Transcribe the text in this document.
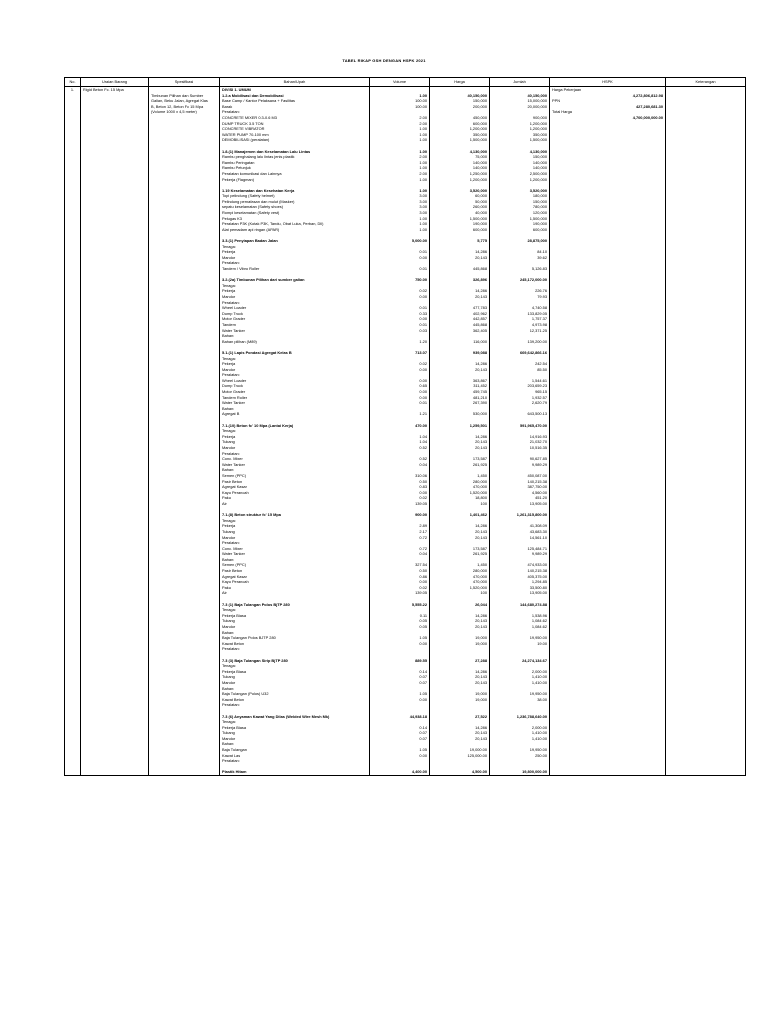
TABEL RIKAP GSH DENGAN HSPK 2021
No.	Uraian Barang	Spesifikasi	Bahan/Upah	Volume	Harga	Jumlah	HSPK	Keterangan
1.	Rigid Beton Fc. 15 Mpa		DIVISI 1. UMUM				Harga Pekerjaan	
		Timbunan Pilihan dan Sumber	1.2.a Mobilisasi dan Demobilisasi	1.00	40,150,000	40,150,000	4,272,806,812.98	
		Galian, Beku Jalan, Agregat Klas	Base Camp / Kantor Pelaksana + Fasilitas	100.00	150,000	15,000,000	PPN	
		B, Beton 12, Beton Fc 15 Mpa	Barak	100.00	200,000	20,000,000	427,280,681.30	
		(Volume 1000 x 4,5 meter)	Peralatan:				Total Harga	
			CONCRETE MIXER 0.3-0.6 M3	2.00	450,000	900,000	4,700,000,000.00	
			DUMP TRUCK 3.5 TON	2.00	600,000	1,200,000		
			CONCRETE VIBRATOR	1.00	1,200,000	1,200,000		
			WATER PUMP 70-100 mm	1.00	350,000	350,000		
			DEMOBILISASI (peralatan)	1.00	1,500,000	1,500,000		

			1.8.(1) Manajemen dan Keselamatan Lalu Lintas	1.00	4,130,000	4,130,000		
			Rambu penghalang lalu lintas jenis plastik	2.00	75,000	150,000		
			Rambu Peringatan	1.00	140,000	140,000		
			Rambu Petunjuk	1.00	140,000	140,000		
			Peralatan komunikasi dan Lainnya	2.00	1,250,000	2,500,000		
			Pekerja (Flagman)	1.00	1,200,000	1,200,000		

			1.19 Keselamatan dan Kesehatan Kerja	1.00	3,520,000	3,520,000		
			Topi pelindung (Safety helmet)	3.00	60,000	180,000		
			Pelindung pernafasan dan mulut (Masker)	3.00	50,000	150,000		
			sepatu keselamatan (Safety shoes)	3.00	260,000	780,000		
			Rompi keselamatan (Safety vest)	3.00	40,000	120,000		
			Pelugas K3	1.00	1,500,000	1,500,000		
			Peralatan P3K (Kotak P3K, Tandu, Obat Luka, Perban, Dll)	1.00	190,000	190,000		
			Alat pemadam api ringan (APAR)	1.00	600,000	600,000		

			3.3.(1) Penyiapan Badan Jalan	5,000.00	5,775	28,875,000		
			Tenaga:					
			Pekerja	0.01	14,286	84.10		
			Mandor	0.00	20,143	39.62		
			Peralatan:					
			Tandem / Vibro Roller	0.01	445,868	5,126.83		

			3.2.(2a) Timbunan Pilihan dari sumber galian	750.00	326,896	245,172,000.00		
			Tenaga:					
			Pekerja	0.02	14,286	226.76		
			Mandor	0.00	20,143	79.93		
			Peralatan:					
			Wheel Loader	0.01	477,783	4,740.58		
			Dump Truck	0.33	402,962	133,829.05		
			Motor Grader	0.00	442,857	1,757.37		
			Tandem	0.01	445,868	4,973.98		
			Water Tanker	0.03	362,405	12,371.25		
			Bahan:					
			Bahan pilihan (M89)	1.20	116,000	139,200.00		

			5.1.(1) Lapis Pondasi Agregat Kelas B	713.07	939,088	669,642,866.16		
			Tenaga:					
			Pekerja	0.02	14,286	242.54		
			Mandor	0.00	20,143	85.50		
			Peralatan:					
			Wheel Loader	0.00	363,867	1,544.61		
			Dump Truck	0.65	311,452	203,659.23		
			Motor Grader	0.00	459,745	965.15		
			Tandem Roller	0.00	481,210	1,932.57		
			Water Tanker	0.01	267,390	2,620.79		
			Bahan:					
			Agregat B	1.21	530,000	643,500.13		

			7.1.(10) Beton fc' 10 Mpa (Lantai Kerja)	470.00	1,259,501	591,965,470.00		
			Tenaga:					
			Pekerja	1.04	14,286	14,916.93		
			Tukang	1.04	20,143	21,032.70		
			Mandor	0.52	20,143	10,516.35		
			Peralatan:					
			Conc. Mixer	0.52	173,587	90,627.85		
			Water Tanker	0.04	261,925	9,989.29		
			Bahan:					
			Semen (PPC)	310.06	1,450	450,087.00		
			Pasir Beton	0.50	280,000	140,215.38		
			Agregat Kasar	0.83	470,000	387,750.00		
			Kayu Perancah	0.00	1,520,000	4,560.00		
			Paku	0.02	18,800	451.20		
			Air	139.05	100	13,905.00		

			7.1.(8) Beton struktur fc' 15 Mpa	900.00	1,401,462	1,261,315,800.00		
			Tenaga:					
			Pekerja	2.89	14,286	41,308.09		
			Tukang	2.17	20,143	43,683.30		
			Mandor	0.72	20,143	14,561.10		
			Peralatan:					
			Conc. Mixer	0.72	173,587	125,484.71		
			Water Tanker	0.04	261,925	9,989.29		
			Bahan:					
			Semen (PPC)	327.54	1,450	474,933.00		
			Pasir Beton	0.50	280,000	140,215.38		
			Agregat Kasar	0.86	470,000	405,375.00		
			Kayu Perancah	0.00	470,000	1,294.85		
			Paku	0.02	1,520,000	33,500.80		
			Air	139.05	100	13,905.00		

			7.3 (1) Baja Tulangan Polos BjTP 280	5,555.22	26,044	144,680,274.88		
			Tenaga:					
			Pekerja Biasa	0.11	14,286	1,538.96		
			Tukang	0.05	20,143	1,084.62		
			Mandor	0.05	20,143	1,084.62		
			Bahan:					
			Baja Tulangan Polos BJTP 280	1.05	19,000	19,950.00		
			Kawat Beton	0.00	19,000	19.00		
			Peralatan:					

			7.3 (3) Baja Tulangan Sirip BjTP 280	889.55	27,288	24,274,134.67		
			Tenaga:					
			Pekerja Biasa	0.14	14,286	2,000.00		
			Tukang	0.07	20,143	1,410.00		
			Mandor	0.07	20,143	1,410.00		
			Bahan:					
			Baja Tulangan (Polos) U32	1.05	19,000	19,950.00		
			Kawat Beton	0.00	19,000	38.00		
			Peralatan:					

			7.3 (6) Anyaman Kawat Yang Dilas (Welded Wire Mesh Mk)	44,938.18	27,522	1,236,788,640.00		
			Tenaga:					
			Pekerja Biasa	0.14	14,286	2,000.00		
			Tukang	0.07	20,143	1,410.00		
			Mandor	0.07	20,143	1,410.00		
			Bahan:					
			Baja Tulangan	1.05	19,000.00	19,950.00		
			Kawat Las	0.00	125,000.00	250.00		
			Peralatan:					

			Plastik Hitam	4,400.00	4,500.00	19,800,000.00		
